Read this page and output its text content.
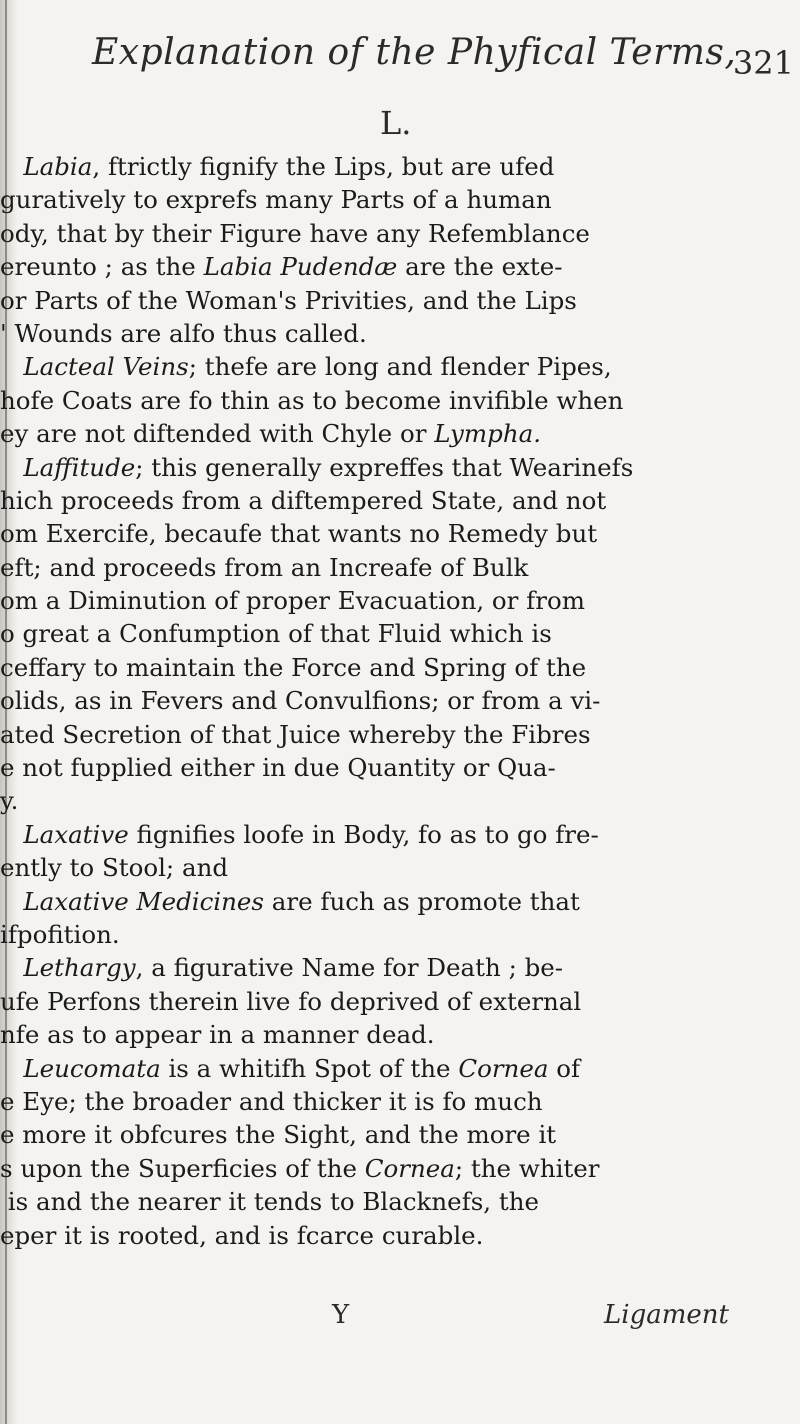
Explanation of the Phyfical Terms,
321
L.
Labia, ftrictly fignify the Lips, but are ufed
guratively to exprefs many Parts of a human
ody, that by their Figure have any Refemblance
ereunto ; as the Labia Pudendæ are the exte-
or Parts of the Woman's Privities, and the Lips
' Wounds are alfo thus called.
Lacteal Veins; thefe are long and flender Pipes,
hofe Coats are fo thin as to become invifible when
ey are not diftended with Chyle or Lympha.
Laffitude; this generally expreffes that Wearinefs
hich proceeds from a diftempered State, and not
om Exercife, becaufe that wants no Remedy but
eft; and proceeds from an Increafe of Bulk
om a Diminution of proper Evacuation, or from
o great a Confumption of that Fluid which is
ceffary to maintain the Force and Spring of the
olids, as in Fevers and Convulfions; or from a vi-
ated Secretion of that Juice whereby the Fibres
e not fupplied either in due Quantity or Qua-
y.
Laxative fignifies loofe in Body, fo as to go fre-
ently to Stool; and
Laxative Medicines are fuch as promote that
ifpofition.
Lethargy, a figurative Name for Death ; be-
ufe Perfons therein live fo deprived of external
nfe as to appear in a manner dead.
Leucomata is a whitifh Spot of the Cornea of
e Eye; the broader and thicker it is fo much
e more it obfcures the Sight, and the more it
s upon the Superficies of the Cornea; the whiter
is and the nearer it tends to Blacknefs, the
eper it is rooted, and is fcarce curable.
Y	Ligament
